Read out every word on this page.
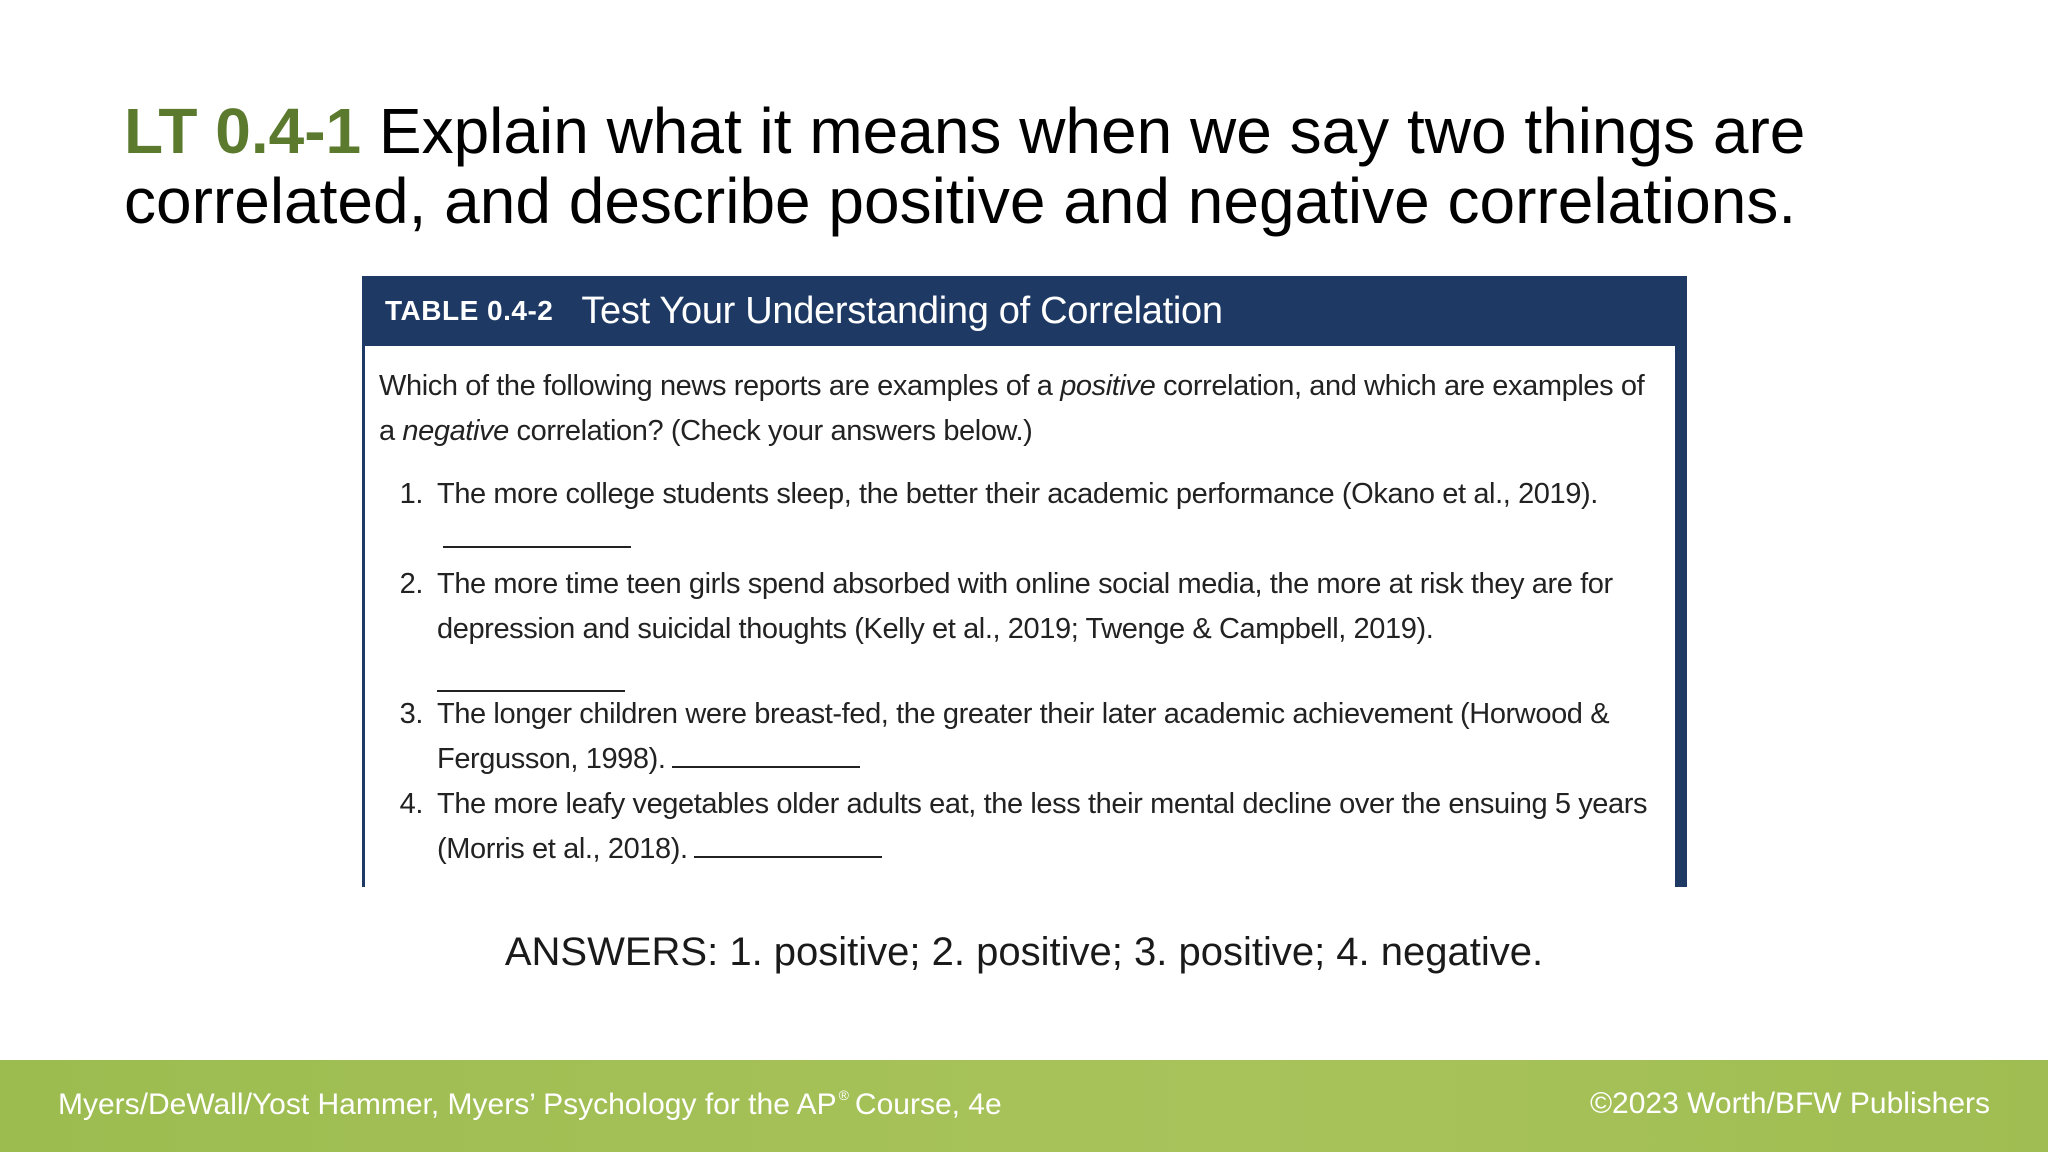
LT 0.4-1 Explain what it means when we say two things are correlated, and describe positive and negative correlations.
TABLE 0.4-2 Test Your Understanding of Correlation

Which of the following news reports are examples of a positive correlation, and which are examples of a negative correlation? (Check your answers below.)

1. The more college students sleep, the better their academic performance (Okano et al., 2019).
2. The more time teen girls spend absorbed with online social media, the more at risk they are for depression and suicidal thoughts (Kelly et al., 2019; Twenge & Campbell, 2019).
3. The longer children were breast-fed, the greater their later academic achievement (Horwood & Fergusson, 1998).
4. The more leafy vegetables older adults eat, the less their mental decline over the ensuing 5 years (Morris et al., 2018).

ANSWERS: 1. positive; 2. positive; 3. positive; 4. negative.

Myers/DeWall/Yost Hammer, Myers’ Psychology for the AP ® Course, 4e	©2023 Worth/BFW Publishers
